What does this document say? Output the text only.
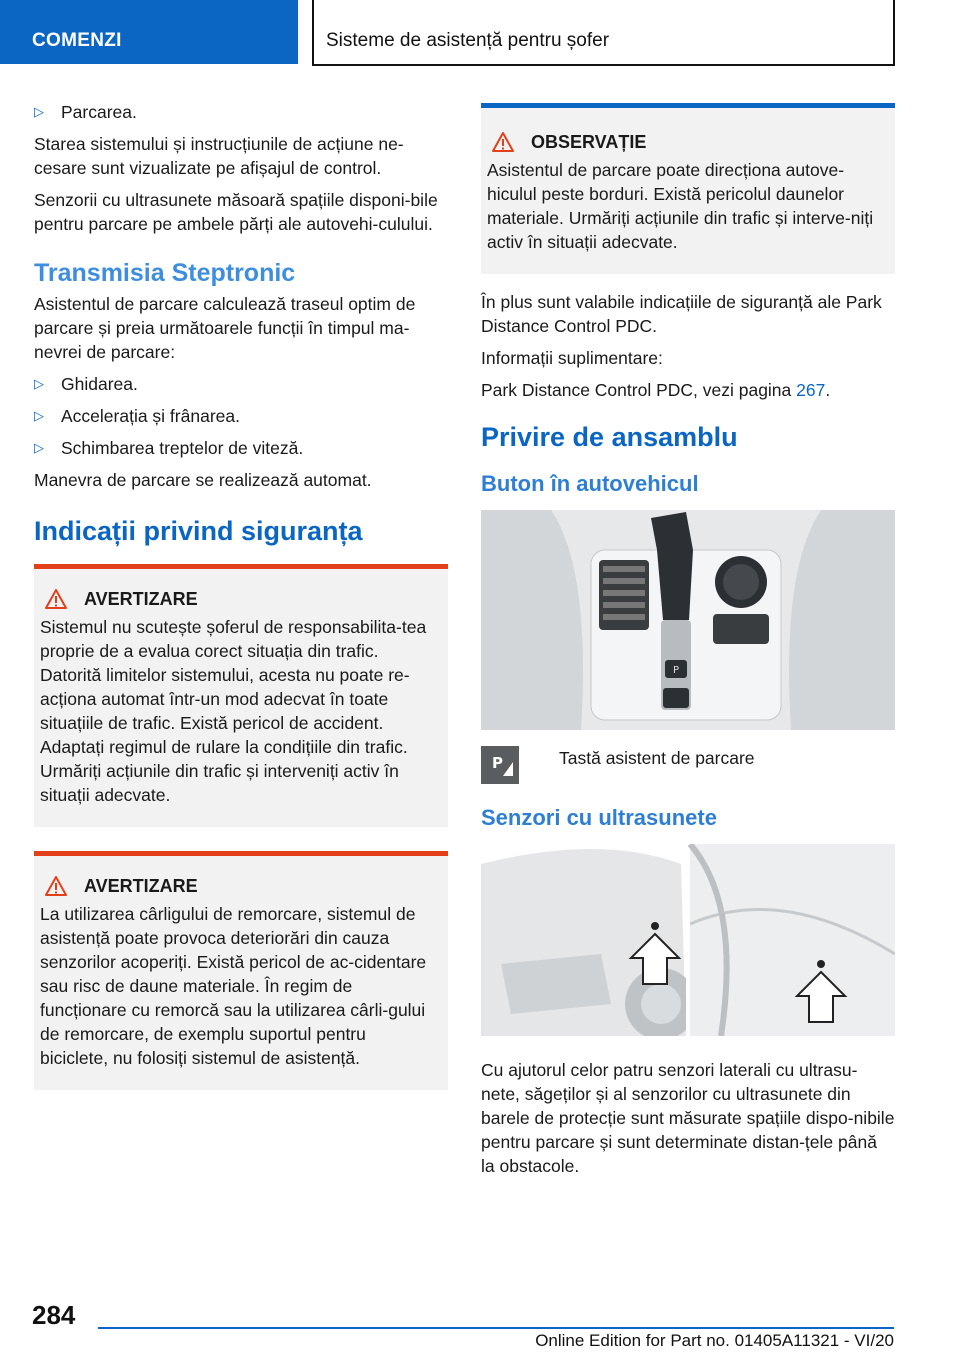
COMENZI	Sisteme de asistență pentru șofer
▷ Parcarea.

Starea sistemului și instrucțiunile de acțiune ne-cesare sunt vizualizate pe afișajul de control.

Senzorii cu ultrasunete măsoară spațiile disponi-bile pentru parcare pe ambele părți ale autovehi-culului.

Transmisia Steptronic

Asistentul de parcare calculează traseul optim de parcare și preia următoarele funcții în timpul ma-nevrei de parcare:

▷ Ghidarea.
▷ Accelerația și frânarea.
▷ Schimbarea treptelor de viteză.

Manevra de parcare se realizează automat.

Indicații privind siguranța
AVERTIZARE
Sistemul nu scutește șoferul de responsabilita-tea proprie de a evalua corect situația din trafic. Datorită limitelor sistemului, acesta nu poate re-acționa automat într-un mod adecvat în toate situațiile de trafic. Există pericol de accident. Adaptați regimul de rulare la condițiile din trafic. Urmăriți acțiunile din trafic și interveniți activ în situații adecvate.
AVERTIZARE
La utilizarea cârligului de remorcare, sistemul de asistență poate provoca deteriorări din cauza senzorilor acoperiți. Există pericol de ac-cidentare sau risc de daune materiale. În regim de funcționare cu remorcă sau la utilizarea cârli-gului de remorcare, de exemplu suportul pentru biciclete, nu folosiți sistemul de asistență.
OBSERVAȚIE
Asistentul de parcare poate direcționa autove-hiculul peste borduri. Există pericolul daunelor materiale. Urmăriți acțiunile din trafic și interve-niți activ în situații adecvate.

În plus sunt valabile indicațiile de siguranță ale Park Distance Control PDC.

Informații suplimentare:

Park Distance Control PDC, vezi pagina 267.

Privire de ansamblu
Buton în autovehicul
P
P	Tastă asistent de parcare
Senzori cu ultrasunete

Cu ajutorul celor patru senzori laterali cu ultrasu-nete, săgeților și al senzorilor cu ultrasunete din barele de protecție sunt măsurate spațiile dispo-nibile pentru parcare și sunt determinate distan-țele până la obstacole.

284
Online Edition for Part no. 01405A11321 - VI/20
